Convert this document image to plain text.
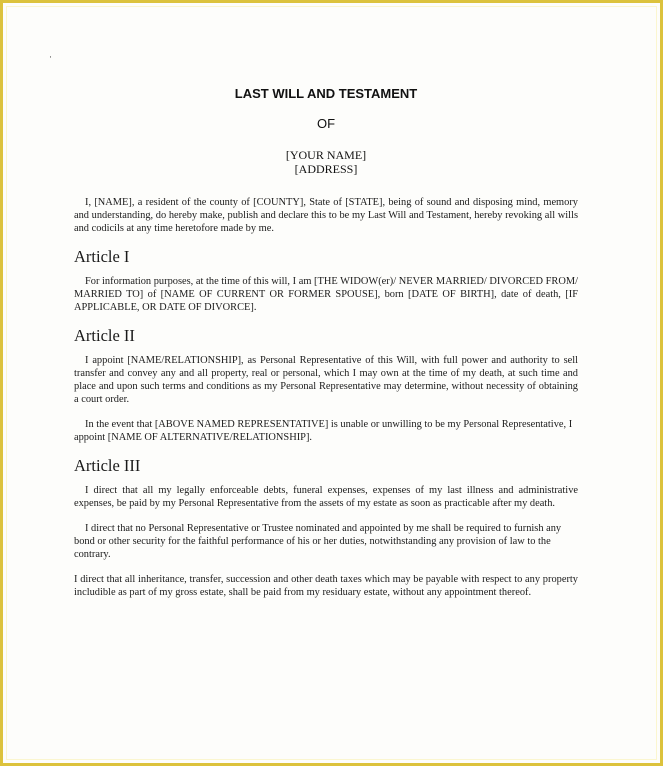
·
LAST WILL AND TESTAMENT
OF
[YOUR NAME]
[ADDRESS]

I, [NAME], a resident of the county of [COUNTY], State of [STATE], being of sound and disposing mind, memory and understanding, do hereby make, publish and declare this to be my Last Will and Testament, hereby revoking all wills and codicils at any time heretofore made by me.

Article I

For information purposes, at the time of this will, I am [THE WIDOW(er)/ NEVER MARRIED/ DIVORCED FROM/ MARRIED TO] of [NAME OF CURRENT OR FORMER SPOUSE], born [DATE OF BIRTH], date of death, [IF APPLICABLE, OR DATE OF DIVORCE].

Article II

I appoint [NAME/RELATIONSHIP], as Personal Representative of this Will, with full power and authority to sell transfer and convey any and all property, real or personal, which I may own at the time of my death, at such time and place and upon such terms and conditions as my Personal Representative may determine, without necessity of obtaining a court order.

In the event that [ABOVE NAMED REPRESENTATIVE] is unable or unwilling to be my Personal Representative, I appoint [NAME OF ALTERNATIVE/RELATIONSHIP].

Article III

I direct that all my legally enforceable debts, funeral expenses, expenses of my last illness and administrative expenses, be paid by my Personal Representative from the assets of my estate as soon as practicable after my death.

I direct that no Personal Representative or Trustee nominated and appointed by me shall be required to furnish any bond or other security for the faithful performance of his or her duties, notwithstanding any provision of law to the contrary.

I direct that all inheritance, transfer, succession and other death taxes which may be payable with respect to any property includible as part of my gross estate, shall be paid from my residuary estate, without any appointment thereof.
